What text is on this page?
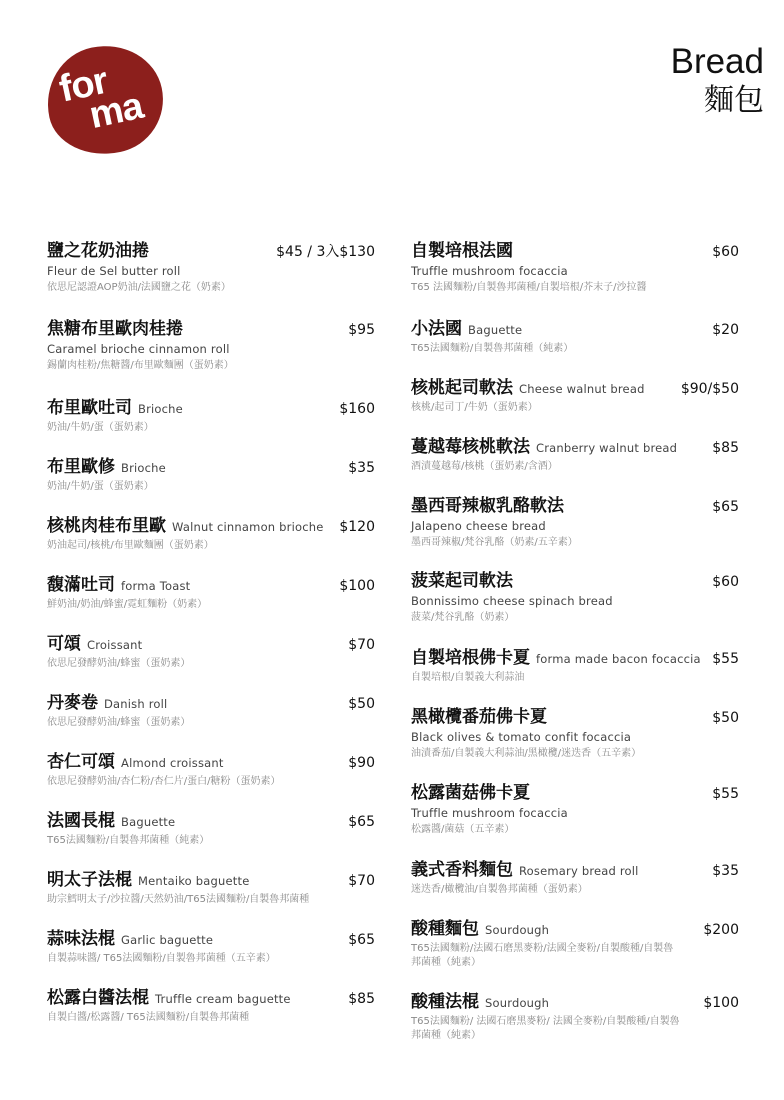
for
ma
Bread
麵包
鹽之花奶油捲	$45 / 3入$130
Fleur de Sel butter roll
依思尼認證AOP奶油/法國鹽之花（奶素）
焦糖布里歐肉桂捲	$95
Caramel brioche cinnamon roll
錫蘭肉桂粉/焦糖醬/布里歐麵團（蛋奶素）
布里歐吐司 Brioche	$160
奶油/牛奶/蛋（蛋奶素）
布里歐修 Brioche	$35
奶油/牛奶/蛋（蛋奶素）
核桃肉桂布里歐 Walnut cinnamon brioche $120
奶油起司/核桃/布里歐麵團（蛋奶素）
馥滿吐司 forma Toast	$100
鮮奶油/奶油/蜂蜜/霓虹麵粉（奶素）
可頌 Croissant	$70
依思尼發酵奶油/蜂蜜（蛋奶素）
丹麥卷 Danish roll	$50
依思尼發酵奶油/蜂蜜（蛋奶素）
杏仁可頌 Almond croissant	$90
依思尼發酵奶油/杏仁粉/杏仁片/蛋白/糖粉（蛋奶素）
法國長棍 Baguette	$65
T65法國麵粉/自製魯邦菌種（純素）
明太子法棍 Mentaiko baguette	$70
助宗鱈明太子/沙拉醬/天然奶油/T65法國麵粉/自製魯邦菌種
蒜味法棍 Garlic baguette	$65
自製蒜味醬/ T65法國麵粉/自製魯邦菌種（五辛素）
松露白醬法棍 Truffle cream baguette	$85
自製白醬/松露醬/ T65法國麵粉/自製魯邦菌種
自製培根法國	$60
Truffle mushroom focaccia
T65 法國麵粉/自製魯邦菌種/自製培根/芥末子/沙拉醬
小法國 Baguette	$20
T65法國麵粉/自製魯邦菌種（純素）
核桃起司軟法 Cheese walnut bread	$90/$50
核桃/起司丁/牛奶（蛋奶素）
蔓越莓核桃軟法 Cranberry walnut bread	$85
酒漬蔓越莓/核桃（蛋奶素/含酒）
墨西哥辣椒乳酪軟法	$65
Jalapeno cheese bread
墨西哥辣椒/梵谷乳酪（奶素/五辛素）
菠菜起司軟法	$60
Bonnissimo cheese spinach bread
菠菜/梵谷乳酪（奶素）
自製培根佛卡夏 forma made bacon focaccia $55
自製培根/自製義大利蒜油
黑橄欖番茄佛卡夏	$50
Black olives & tomato confit focaccia
油漬番茄/自製義大利蒜油/黑橄欖/迷迭香（五辛素）
松露菌菇佛卡夏	$55
Truffle mushroom focaccia
松露醬/菌菇（五辛素）
義式香料麵包 Rosemary bread roll	$35
迷迭香/橄欖油/自製魯邦菌種（蛋奶素）
酸種麵包 Sourdough	$200
T65法國麵粉/法國石磨黑麥粉/法國全麥粉/自製酸種/自製魯邦菌種（純素）
酸種法棍 Sourdough	$100
T65法國麵粉/ 法國石磨黑麥粉/ 法國全麥粉/自製酸種/自製魯邦菌種（純素）
